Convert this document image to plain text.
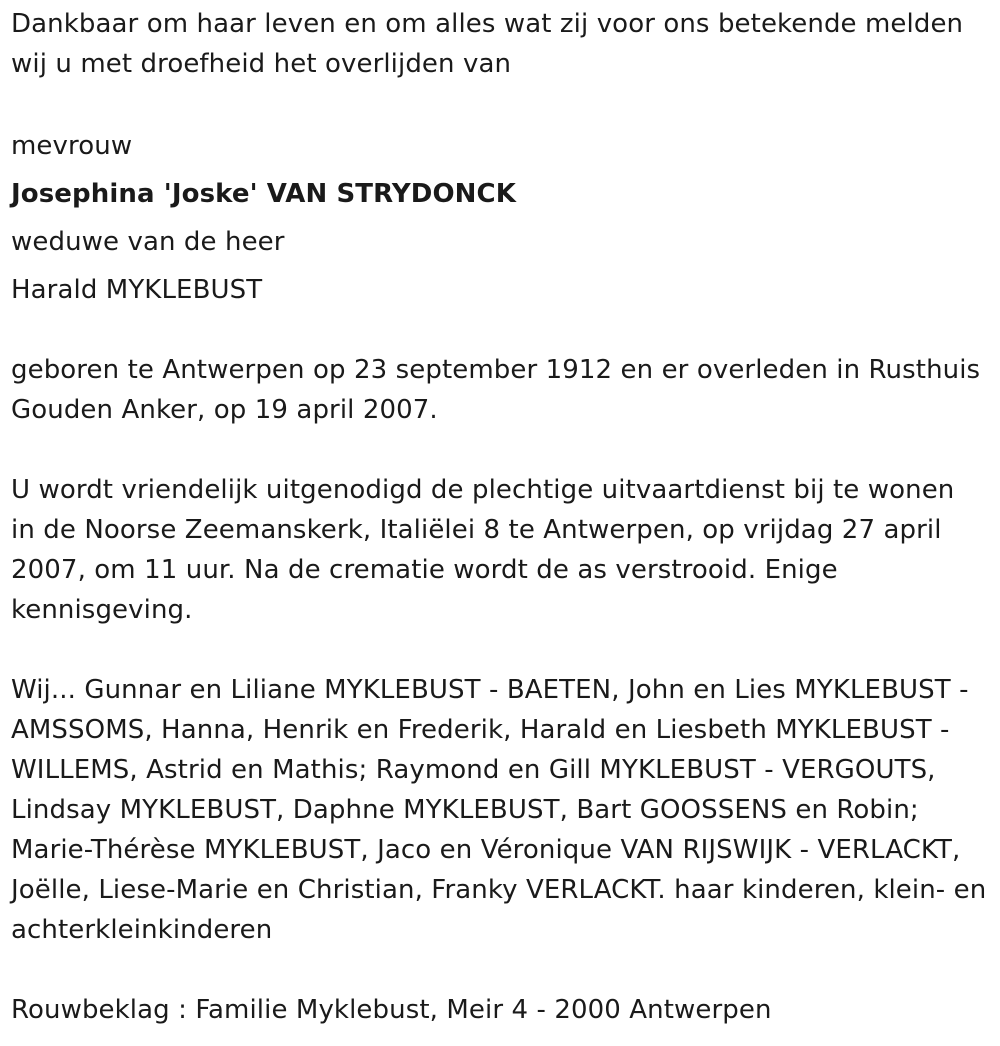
Dankbaar om haar leven en om alles wat zij voor ons betekende melden
wij u met droefheid het overlijden van
mevrouw
Josephina 'Joske' VAN STRYDONCK
weduwe van de heer
Harald MYKLEBUST
geboren te Antwerpen op 23 september 1912 en er overleden in Rusthuis
Gouden Anker, op 19 april 2007.
U wordt vriendelijk uitgenodigd de plechtige uitvaartdienst bij te wonen
in de Noorse Zeemanskerk, Italiëlei 8 te Antwerpen, op vrijdag 27 april
2007, om 11 uur. Na de crematie wordt de as verstrooid. Enige
kennisgeving.
Wij... Gunnar en Liliane MYKLEBUST - BAETEN, John en Lies MYKLEBUST -
AMSSOMS, Hanna, Henrik en Frederik, Harald en Liesbeth MYKLEBUST -
WILLEMS, Astrid en Mathis; Raymond en Gill MYKLEBUST - VERGOUTS,
Lindsay MYKLEBUST, Daphne MYKLEBUST, Bart GOOSSENS en Robin;
Marie-Thérèse MYKLEBUST, Jaco en Véronique VAN RIJSWIJK - VERLACKT,
Joëlle, Liese-Marie en Christian, Franky VERLACKT. haar kinderen, klein- en
achterkleinkinderen
Rouwbeklag : Familie Myklebust, Meir 4 - 2000 Antwerpen
